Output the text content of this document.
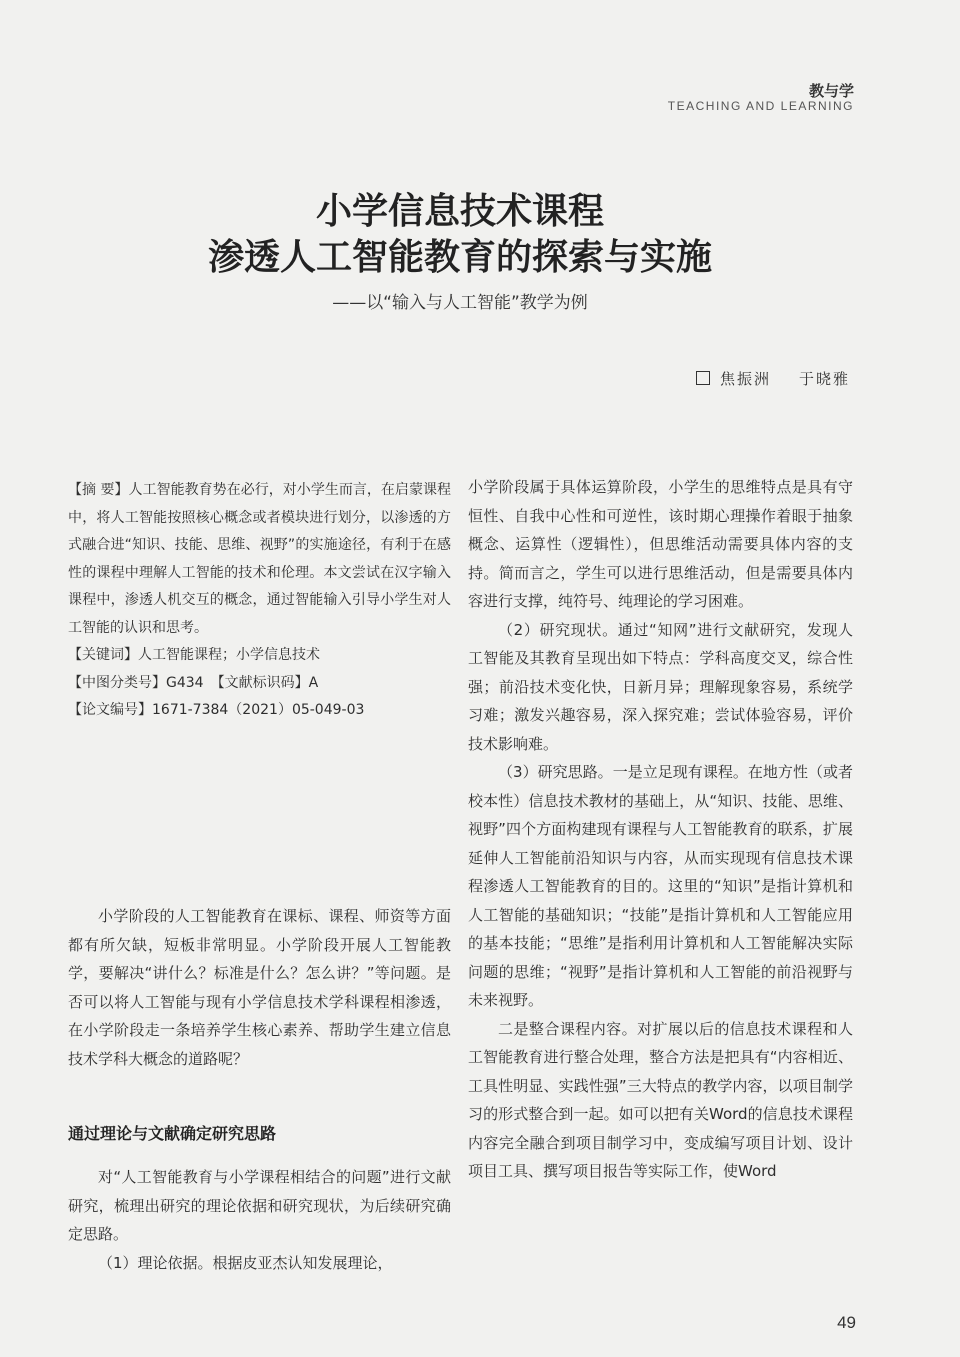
教与学
TEACHING AND LEARNING
小学信息技术课程
渗透人工智能教育的探索与实施
——以“输入与人工智能”教学为例
焦振洲 于晓雅

【摘 要】人工智能教育势在必行，对小学生而言，在启蒙课程中，将人工智能按照核心概念或者模块进行划分，以渗透的方式融合进“知识、技能、思维、视野”的实施途径，有利于在感性的课程中理解人工智能的技术和伦理。本文尝试在汉字输入课程中，渗透人机交互的概念，通过智能输入引导小学生对人工智能的认识和思考。

【关键词】人工智能课程；小学信息技术

【中图分类号】G434　【文献标识码】A

【论文编号】1671-7384（2021）05-049-03

小学阶段的人工智能教育在课标、课程、师资等方面都有所欠缺，短板非常明显。小学阶段开展人工智能教学，要解决“讲什么？标准是什么？怎么讲？”等问题。是否可以将人工智能与现有小学信息技术学科课程相渗透，在小学阶段走一条培养学生核心素养、帮助学生建立信息技术学科大概念的道路呢？

通过理论与文献确定研究思路

对“人工智能教育与小学课程相结合的问题”进行文献研究，梳理出研究的理论依据和研究现状，为后续研究确定思路。

（1）理论依据。根据皮亚杰认知发展理论，

小学阶段属于具体运算阶段，小学生的思维特点是具有守恒性、自我中心性和可逆性，该时期心理操作着眼于抽象概念、运算性（逻辑性），但思维活动需要具体内容的支持。简而言之，学生可以进行思维活动，但是需要具体内容进行支撑，纯符号、纯理论的学习困难。

（2）研究现状。通过“知网”进行文献研究，发现人工智能及其教育呈现出如下特点：学科高度交叉，综合性强；前沿技术变化快，日新月异；理解现象容易，系统学习难；激发兴趣容易，深入探究难；尝试体验容易，评价技术影响难。

（3）研究思路。一是立足现有课程。在地方性（或者校本性）信息技术教材的基础上，从“知识、技能、思维、视野”四个方面构建现有课程与人工智能教育的联系，扩展延伸人工智能前沿知识与内容，从而实现现有信息技术课程渗透人工智能教育的目的。这里的“知识”是指计算机和人工智能的基础知识；“技能”是指计算机和人工智能应用的基本技能；“思维”是指利用计算机和人工智能解决实际问题的思维；“视野”是指计算机和人工智能的前沿视野与未来视野。

二是整合课程内容。对扩展以后的信息技术课程和人工智能教育进行整合处理，整合方法是把具有“内容相近、工具性明显、实践性强”三大特点的教学内容，以项目制学习的形式整合到一起。如可以把有关Word的信息技术课程内容完全融合到项目制学习中，变成编写项目计划、设计项目工具、撰写项目报告等实际工作，使Word

49
